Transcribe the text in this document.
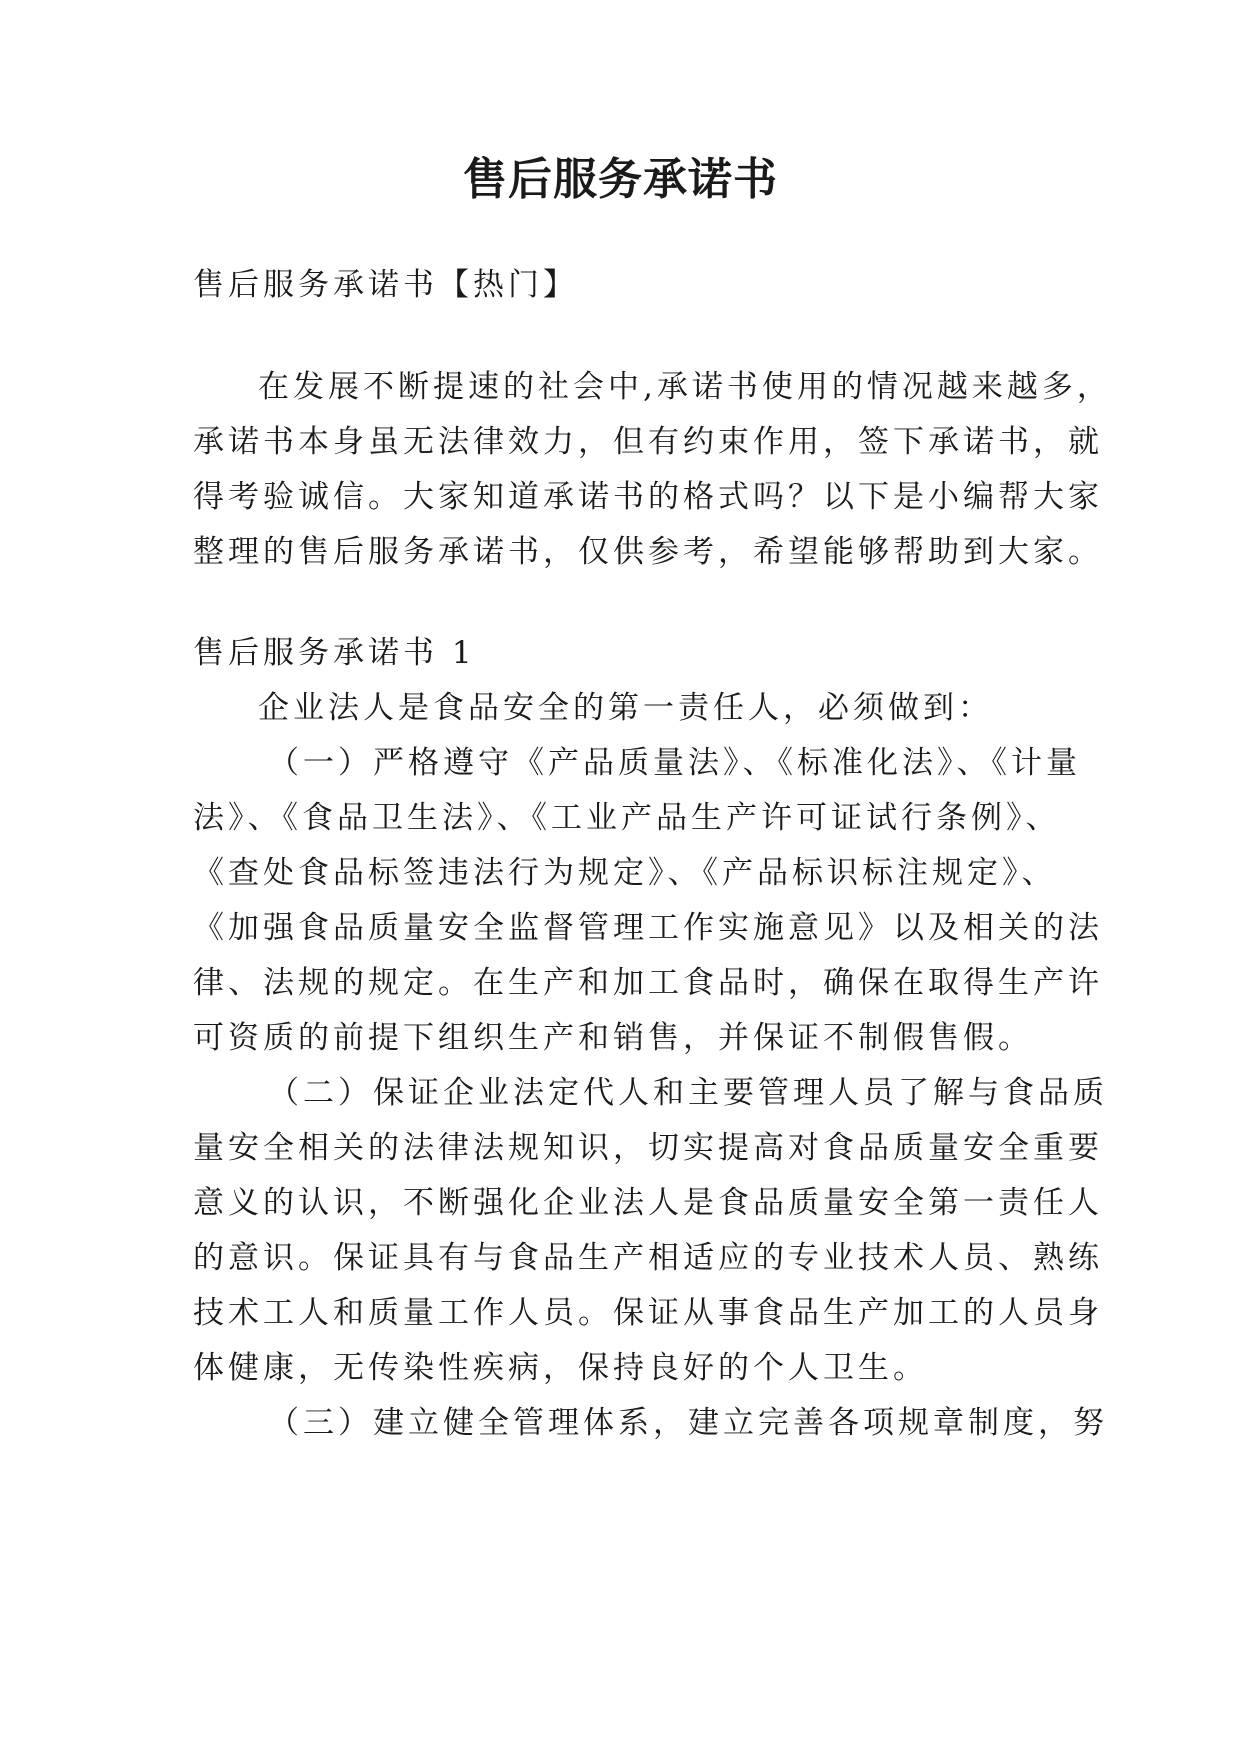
售后服务承诺书
售后服务承诺书【热门】
在发展不断提速的社会中,承诺书使用的情况越来越多，
承诺书本身虽无法律效力，但有约束作用，签下承诺书，就
得考验诚信。大家知道承诺书的格式吗？以下是小编帮大家
整理的售后服务承诺书，仅供参考，希望能够帮助到大家。
售后服务承诺书 1
企业法人是食品安全的第一责任人，必须做到：
（一）严格遵守《产品质量法》、《标准化法》、《计量
法》、《食品卫生法》、《工业产品生产许可证试行条例》、
《查处食品标签违法行为规定》、《产品标识标注规定》、
《加强食品质量安全监督管理工作实施意见》以及相关的法
律、法规的规定。在生产和加工食品时，确保在取得生产许
可资质的前提下组织生产和销售，并保证不制假售假。
（二）保证企业法定代人和主要管理人员了解与食品质
量安全相关的法律法规知识，切实提高对食品质量安全重要
意义的认识，不断强化企业法人是食品质量安全第一责任人
的意识。保证具有与食品生产相适应的专业技术人员、熟练
技术工人和质量工作人员。保证从事食品生产加工的人员身
体健康，无传染性疾病，保持良好的个人卫生。
（三）建立健全管理体系，建立完善各项规章制度，努
